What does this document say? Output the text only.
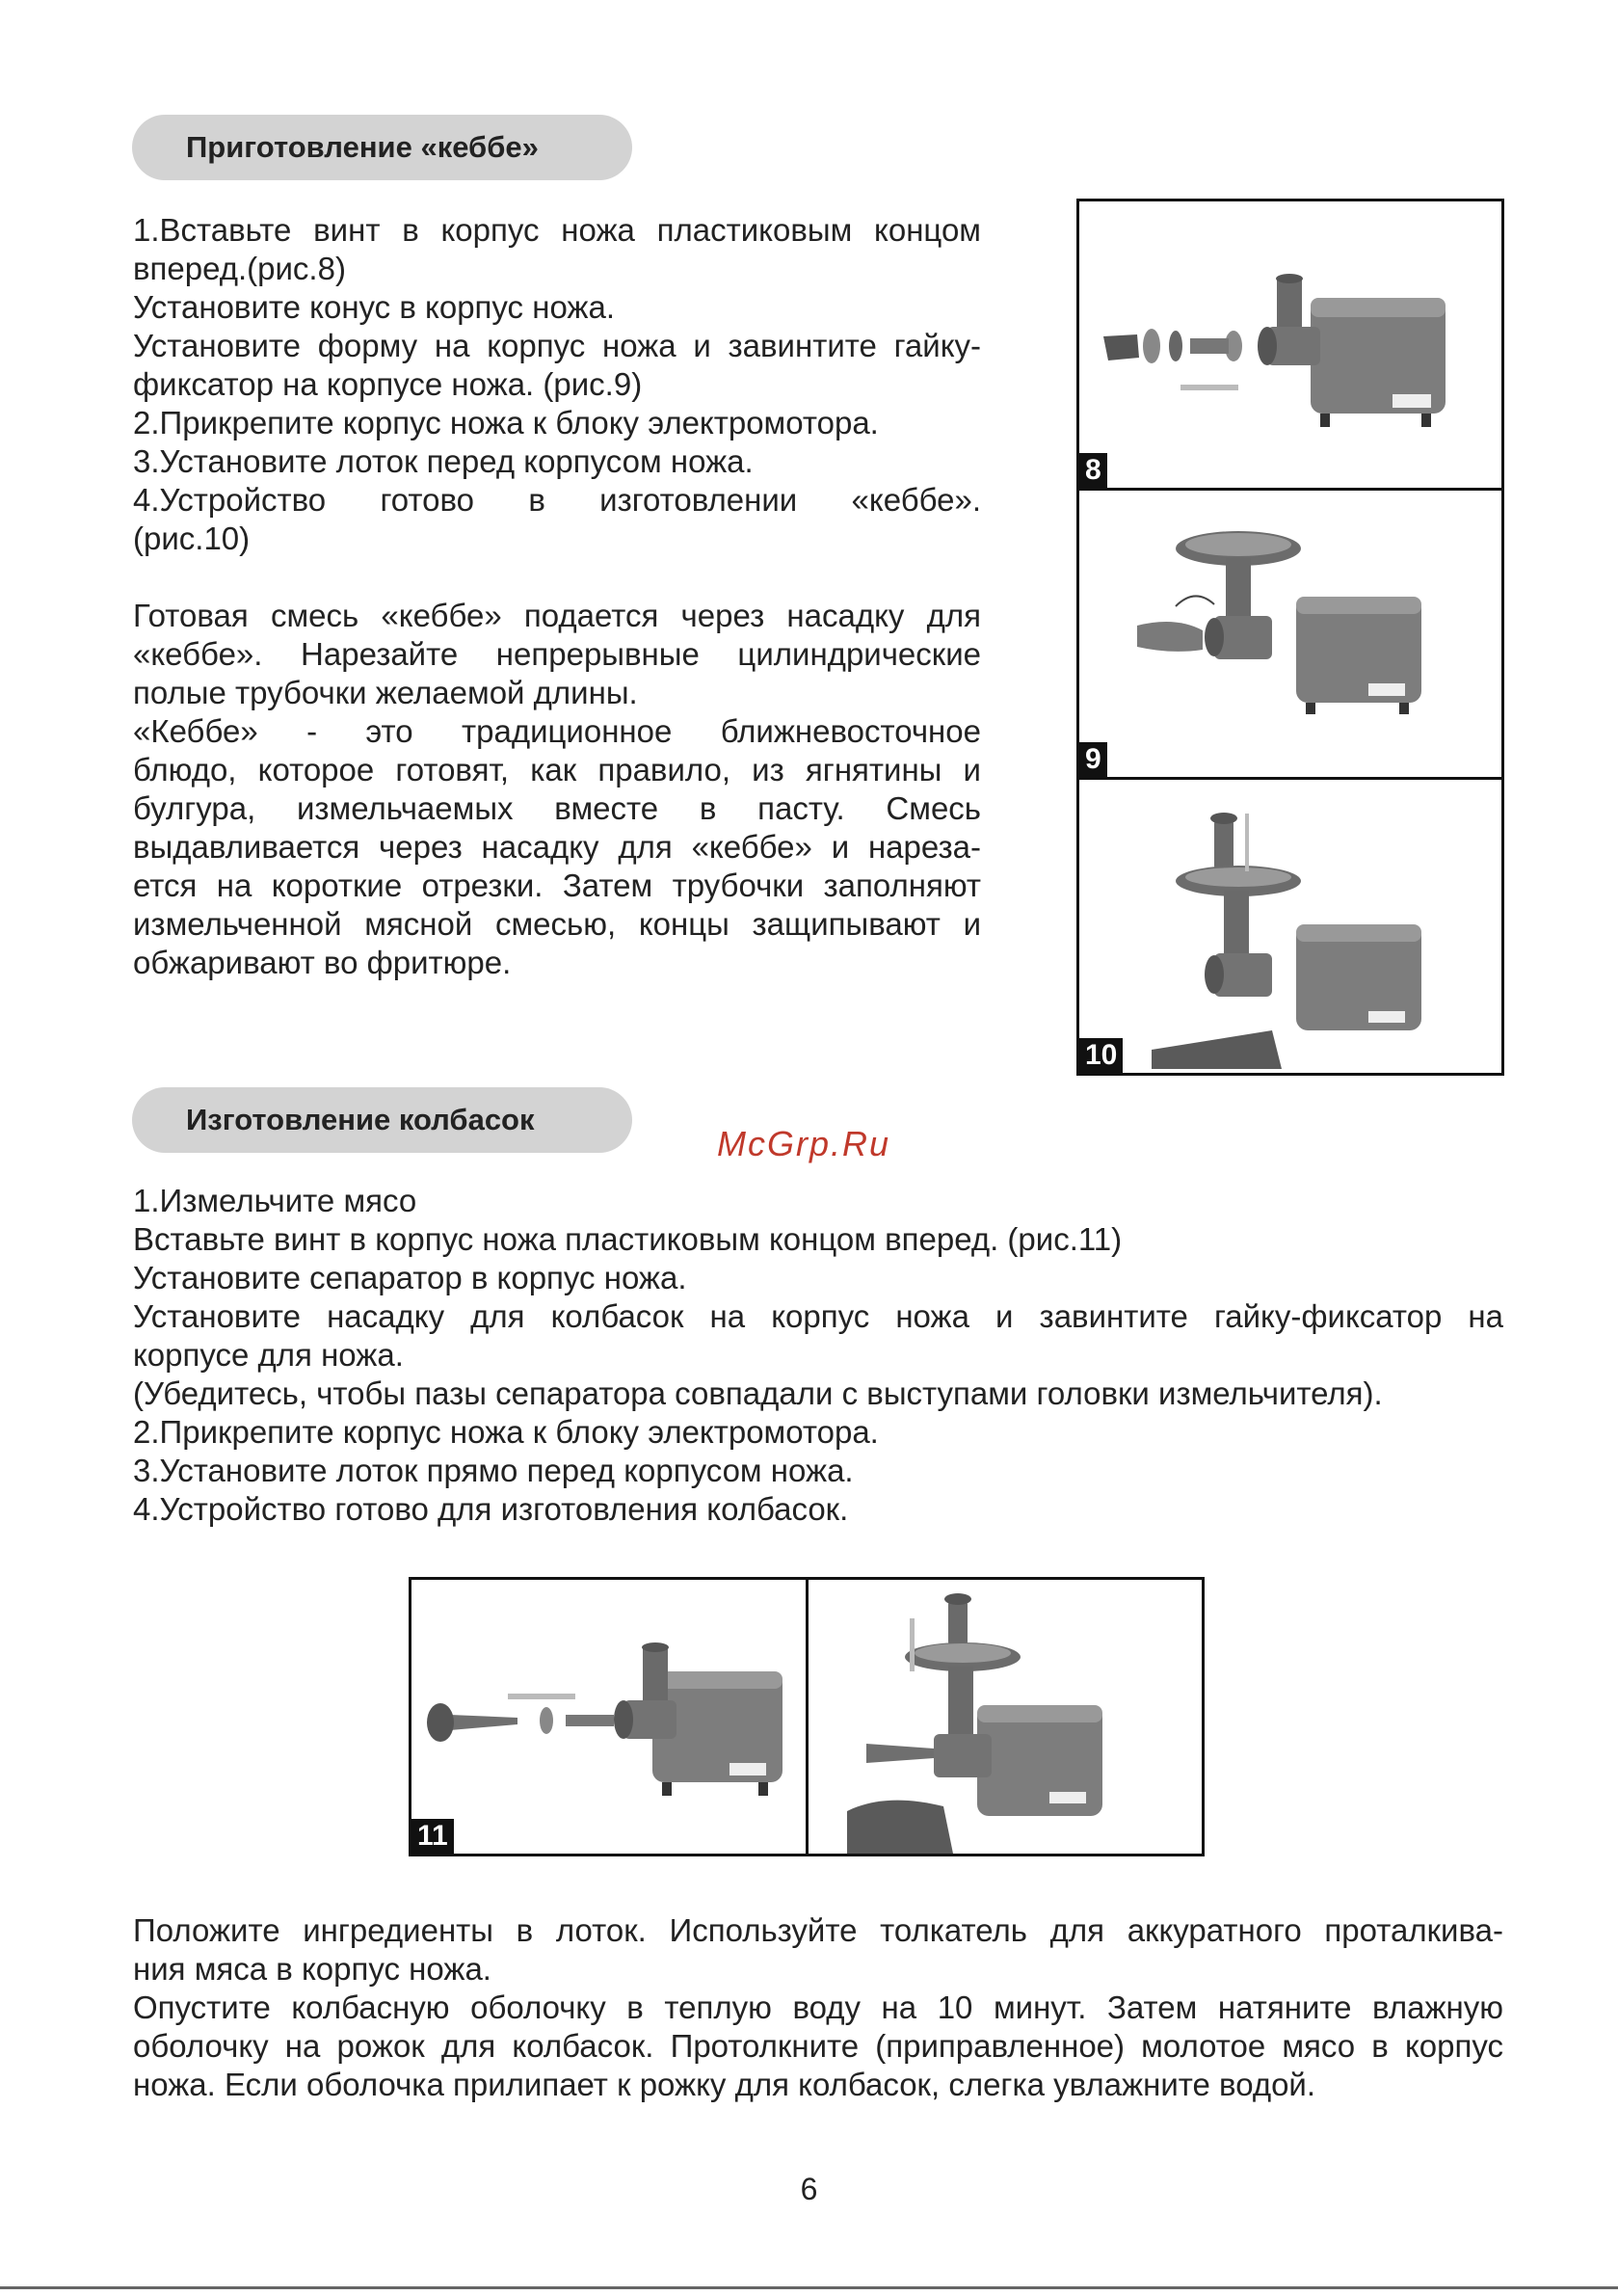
Приготовление «кеббе»

1.Вставьте винт в корпус ножа пластиковым концом

вперед.(рис.8)

Установите конус в корпус ножа.

Установите форму на корпус ножа и завинтите гайку-

фиксатор на корпусе ножа. (рис.9)

2.Прикрепите корпус ножа к блоку электромотора.

3.Установите лоток перед корпусом ножа.

4.Устройство готово в изготовлении «кеббе».

(рис.10)

Готовая смесь «кеббе» подается через насадку для

«кеббе». Нарезайте непрерывные цилиндрические

полые трубочки желаемой длины.

«Кеббе» - это традиционное ближневосточное

блюдо, которое готовят, как правило, из ягнятины и

булгура, измельчаемых вместе в пасту. Смесь

выдавливается через насадку для «кеббе» и нареза-

ется на короткие отрезки. Затем трубочки заполняют

измельченной мясной смесью, концы защипывают и

обжаривают во фритюре.

8
9
10
Изготовление колбасок
McGrp.Ru

1.Измельчите мясо

Вставьте винт в корпус ножа пластиковым концом вперед. (рис.11)

Установите сепаратор в корпус ножа.

Установите насадку для колбасок на корпус ножа и завинтите гайку-фиксатор на

корпусе для ножа.

(Убедитесь, чтобы пазы сепаратора совпадали с выступами головки измельчителя).

2.Прикрепите корпус ножа к блоку электромотора.

3.Установите лоток прямо перед корпусом ножа.

4.Устройство готово для изготовления колбасок.

11

Положите ингредиенты в лоток. Используйте толкатель для аккуратного проталкива-

ния мяса в корпус ножа.

Опустите колбасную оболочку в теплую воду на 10 минут. Затем натяните влажную

оболочку на рожок для колбасок. Протолкните (приправленное) молотое мясо в корпус

ножа. Если оболочка прилипает к рожку для колбасок, слегка увлажните водой.

6
